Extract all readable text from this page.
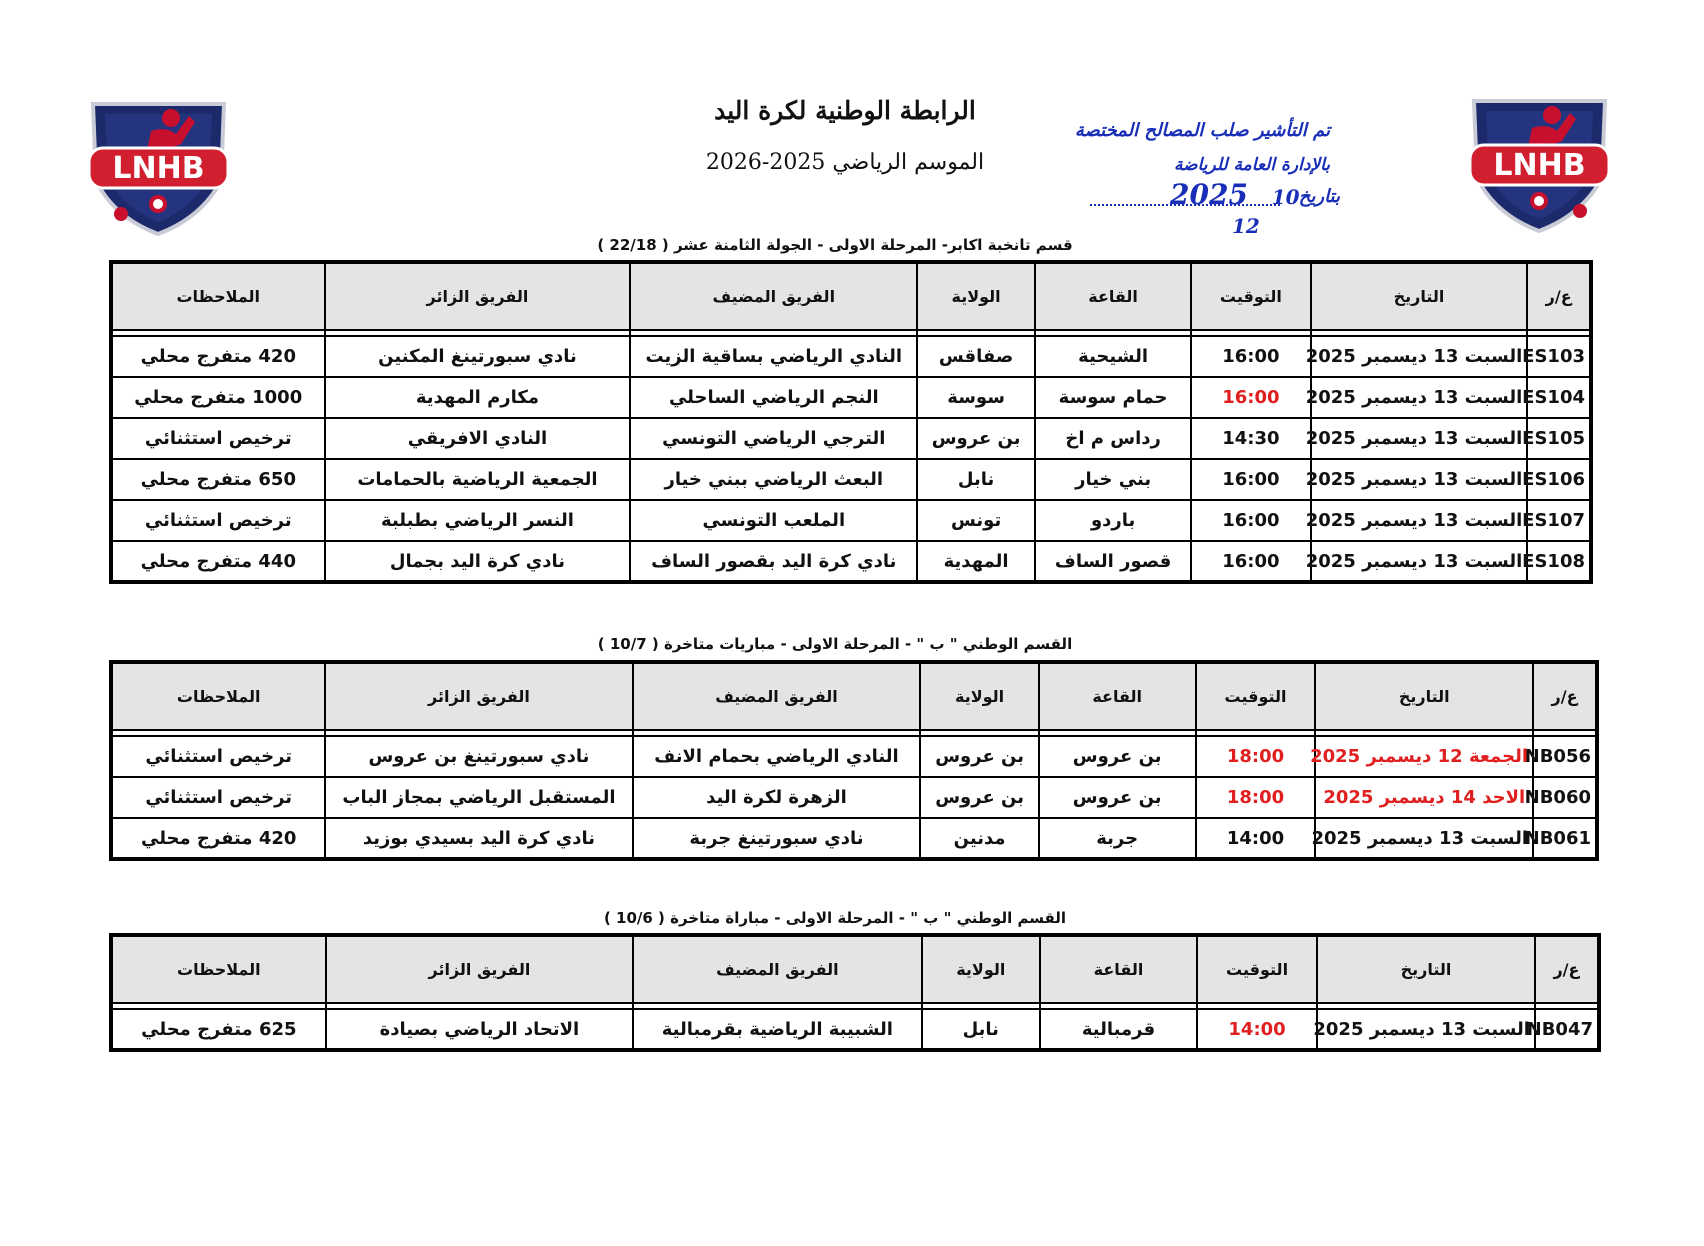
LNHB	LNHB
الرابطة الوطنية لكرة اليد
الموسم الرياضي 2025-2026
تم التأشير صلب المصالح المختصة
بالإدارة العامة للرياضة
بتاريخ
2025 10
12
قسم تانخبة اكابر- المرحلة الاولى - الجولة الثامنة عشر ( 22/18 )
القسم الوطني " ب " - المرحلة الاولى - مباريات متاخرة ( 10/7 )
القسم الوطني " ب " - المرحلة الاولى - مباراة متاخرة ( 10/6 )
ع/ر	التاريخ	التوقيت	القاعة	الولاية	الفريق المضيف	الفريق الزائر	الملاحظات

ES103	السبت 13 ديسمبر 2025	16:00	الشيحية	صفاقس	النادي الرياضي بساقية الزيت	نادي سبورتينغ المكنين	420 متفرج محلي
ES104	السبت 13 ديسمبر 2025	16:00	حمام سوسة	سوسة	النجم الرياضي الساحلي	مكارم المهدية	1000 متفرج محلي
ES105	السبت 13 ديسمبر 2025	14:30	رداس م اخ	بن عروس	الترجي الرياضي التونسي	النادي الافريقي	ترخيص استثنائي
ES106	السبت 13 ديسمبر 2025	16:00	بني خيار	نابل	البعث الرياضي ببني خيار	الجمعية الرياضية بالحمامات	650 متفرج محلي
ES107	السبت 13 ديسمبر 2025	16:00	باردو	تونس	الملعب التونسي	النسر الرياضي بطبلبة	ترخيص استثنائي
ES108	السبت 13 ديسمبر 2025	16:00	قصور الساف	المهدية	نادي كرة اليد بقصور الساف	نادي كرة اليد بجمال	440 متفرج محلي
ع/ر	التاريخ	التوقيت	القاعة	الولاية	الفريق المضيف	الفريق الزائر	الملاحظات

NB056	الجمعة 12 ديسمبر 2025	18:00	بن عروس	بن عروس	النادي الرياضي بحمام الانف	نادي سبورتينغ بن عروس	ترخيص استثنائي
NB060	الاحد 14 ديسمبر 2025	18:00	بن عروس	بن عروس	الزهرة لكرة اليد	المستقبل الرياضي بمجاز الباب	ترخيص استثنائي
NB061	السبت 13 ديسمبر 2025	14:00	جربة	مدنين	نادي سبورتينغ جربة	نادي كرة اليد بسيدي بوزيد	420 متفرج محلي
ع/ر	التاريخ	التوقيت	القاعة	الولاية	الفريق المضيف	الفريق الزائر	الملاحظات

NB047	السبت 13 ديسمبر 2025	14:00	قرمبالية	نابل	الشبيبة الرياضية بقرمبالية	الاتحاد الرياضي بصيادة	625 متفرج محلي
